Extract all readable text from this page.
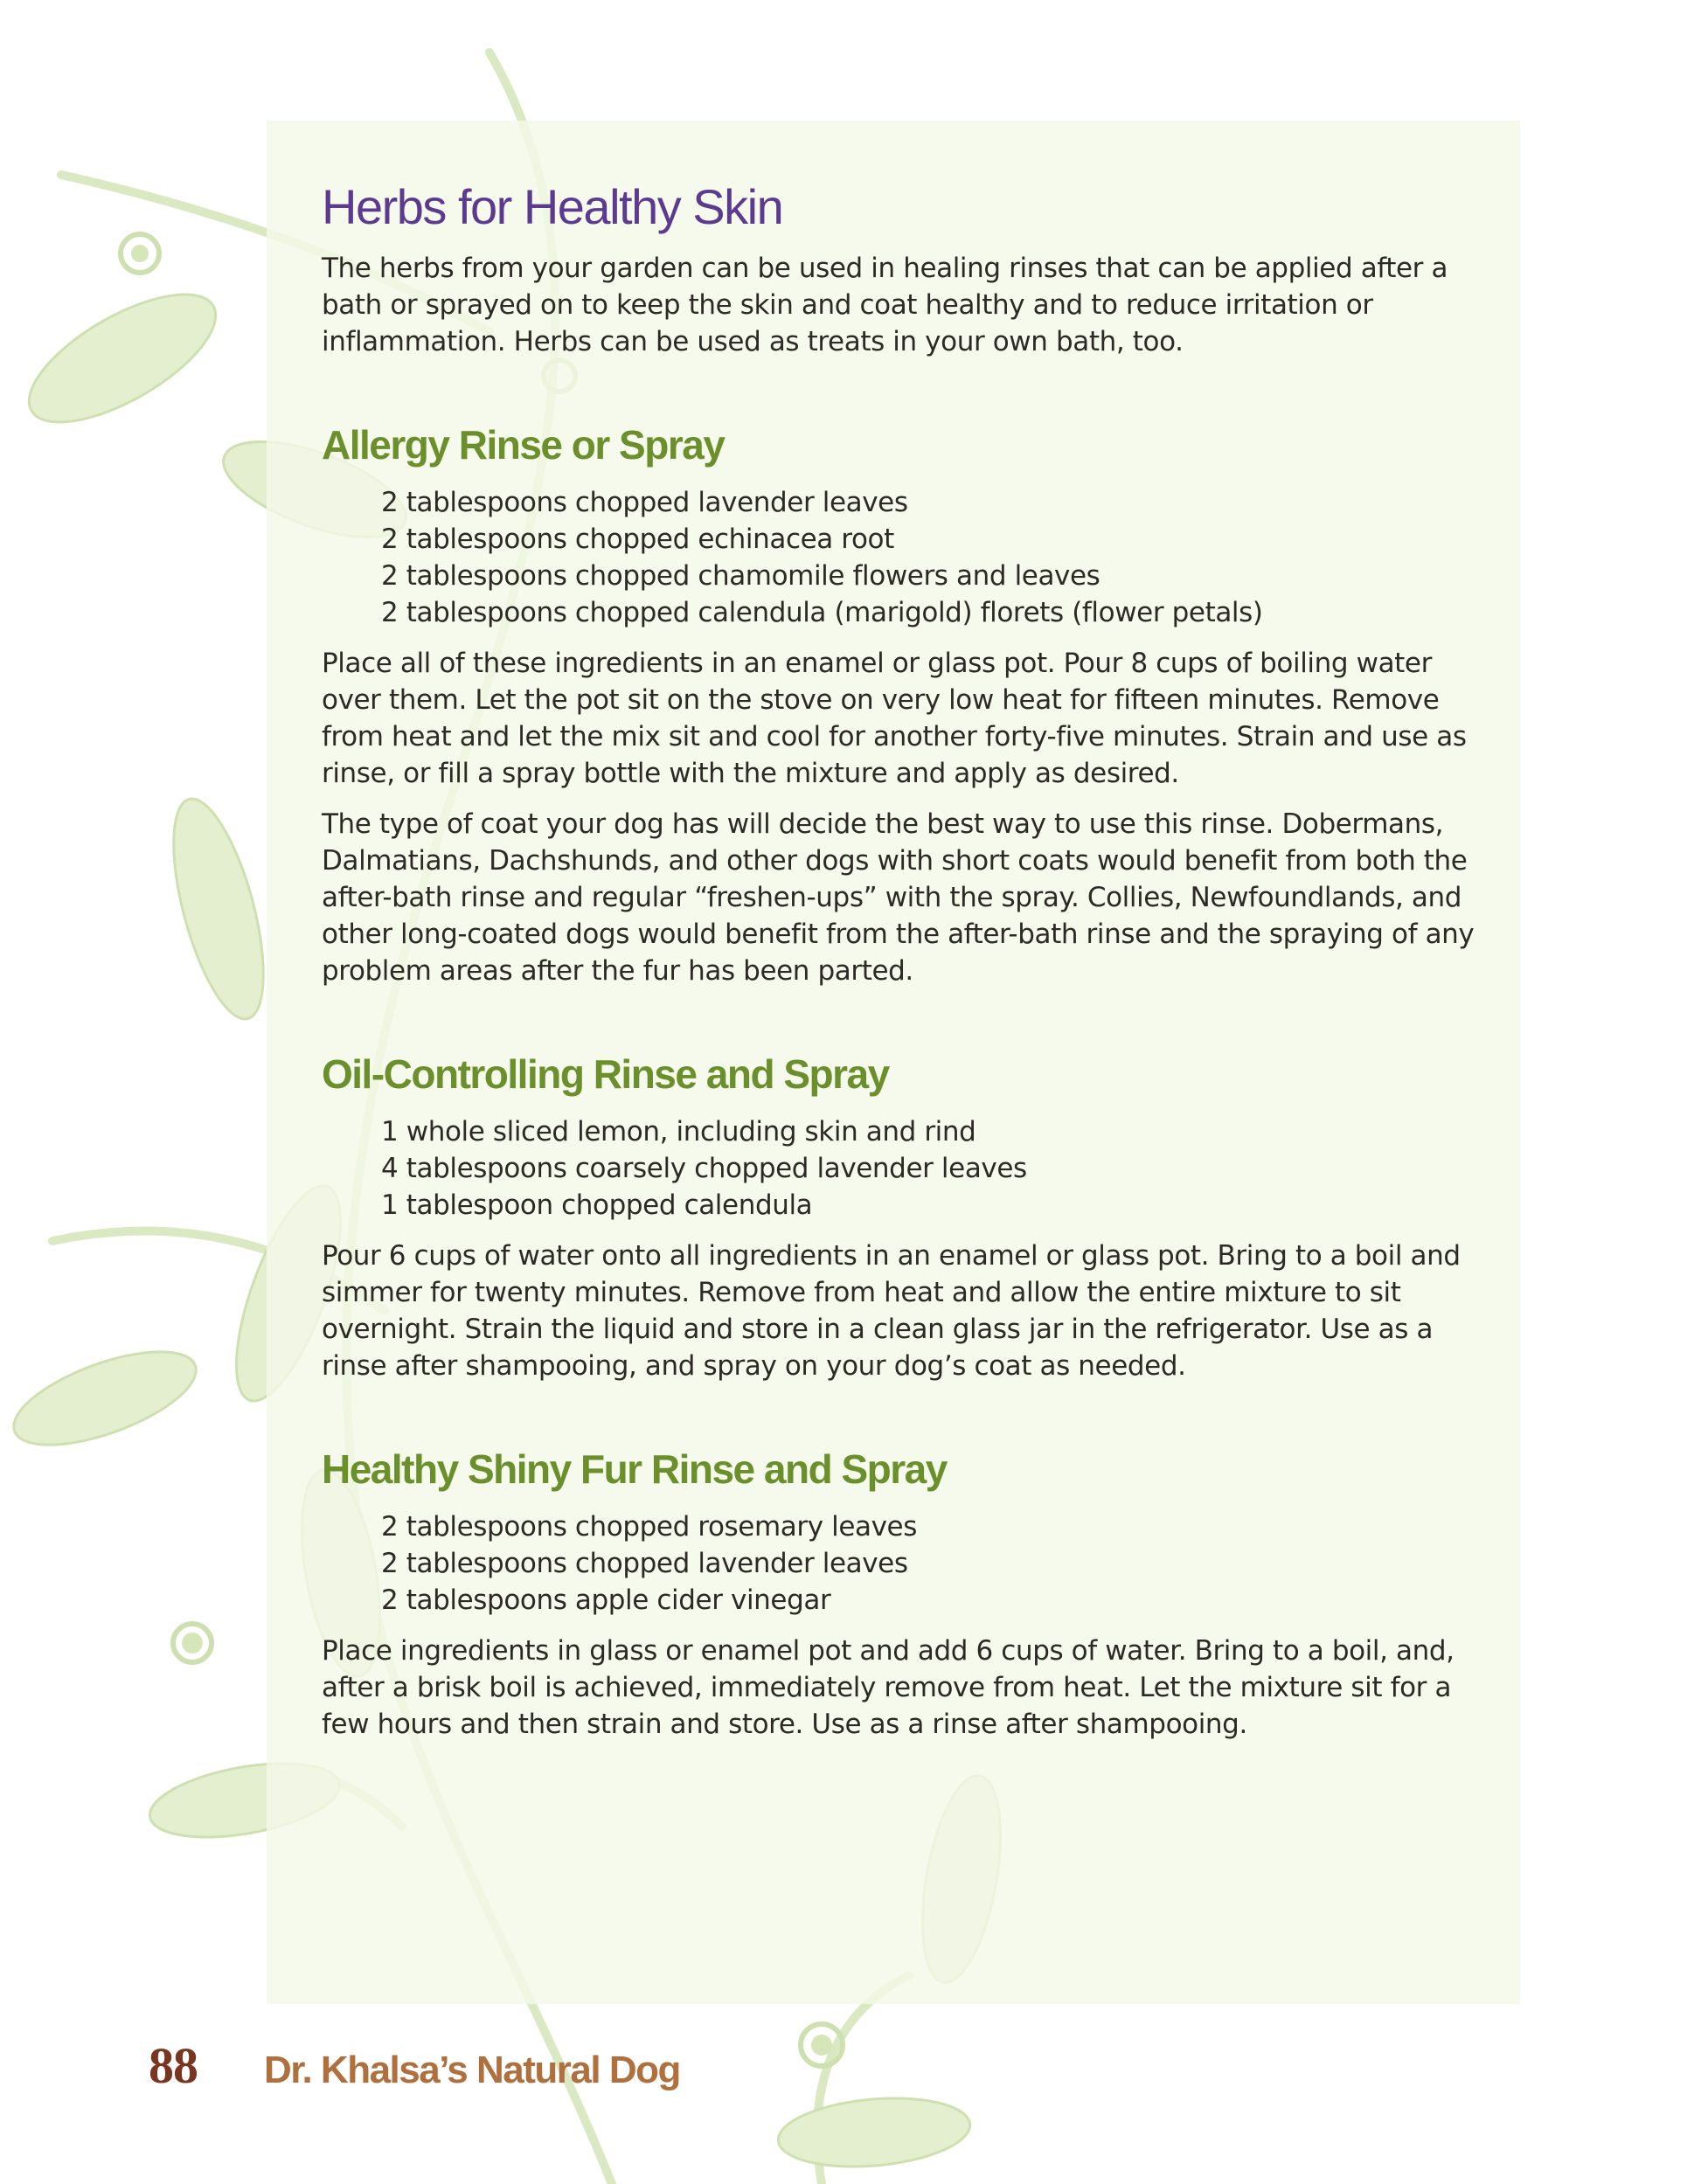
Herbs for Healthy Skin

The herbs from your garden can be used in healing rinses that can be applied after a bath or sprayed on to keep the skin and coat healthy and to reduce irritation or inflammation. Herbs can be used as treats in your own bath, too.

Allergy Rinse or Spray
2 tablespoons chopped lavender leaves
2 tablespoons chopped echinacea root
2 tablespoons chopped chamomile flowers and leaves
2 tablespoons chopped calendula (marigold) florets (flower petals)

Place all of these ingredients in an enamel or glass pot. Pour 8 cups of boiling water over them. Let the pot sit on the stove on very low heat for fifteen minutes. Remove from heat and let the mix sit and cool for another forty-five minutes. Strain and use as rinse, or fill a spray bottle with the mixture and apply as desired.

The type of coat your dog has will decide the best way to use this rinse. Dobermans, Dalmatians, Dachshunds, and other dogs with short coats would benefit from both the after-bath rinse and regular “freshen-ups” with the spray. Collies, Newfoundlands, and other long-coated dogs would benefit from the after-bath rinse and the spraying of any problem areas after the fur has been parted.

Oil-Controlling Rinse and Spray
1 whole sliced lemon, including skin and rind
4 tablespoons coarsely chopped lavender leaves
1 tablespoon chopped calendula

Pour 6 cups of water onto all ingredients in an enamel or glass pot. Bring to a boil and simmer for twenty minutes. Remove from heat and allow the entire mixture to sit overnight. Strain the liquid and store in a clean glass jar in the refrigerator. Use as a rinse after shampooing, and spray on your dog’s coat as needed.

Healthy Shiny Fur Rinse and Spray
2 tablespoons chopped rosemary leaves
2 tablespoons chopped lavender leaves
2 tablespoons apple cider vinegar

Place ingredients in glass or enamel pot and add 6 cups of water. Bring to a boil, and, after a brisk boil is achieved, immediately remove from heat. Let the mixture sit for a few hours and then strain and store. Use as a rinse after shampooing.

88 Dr. Khalsa’s Natural Dog
